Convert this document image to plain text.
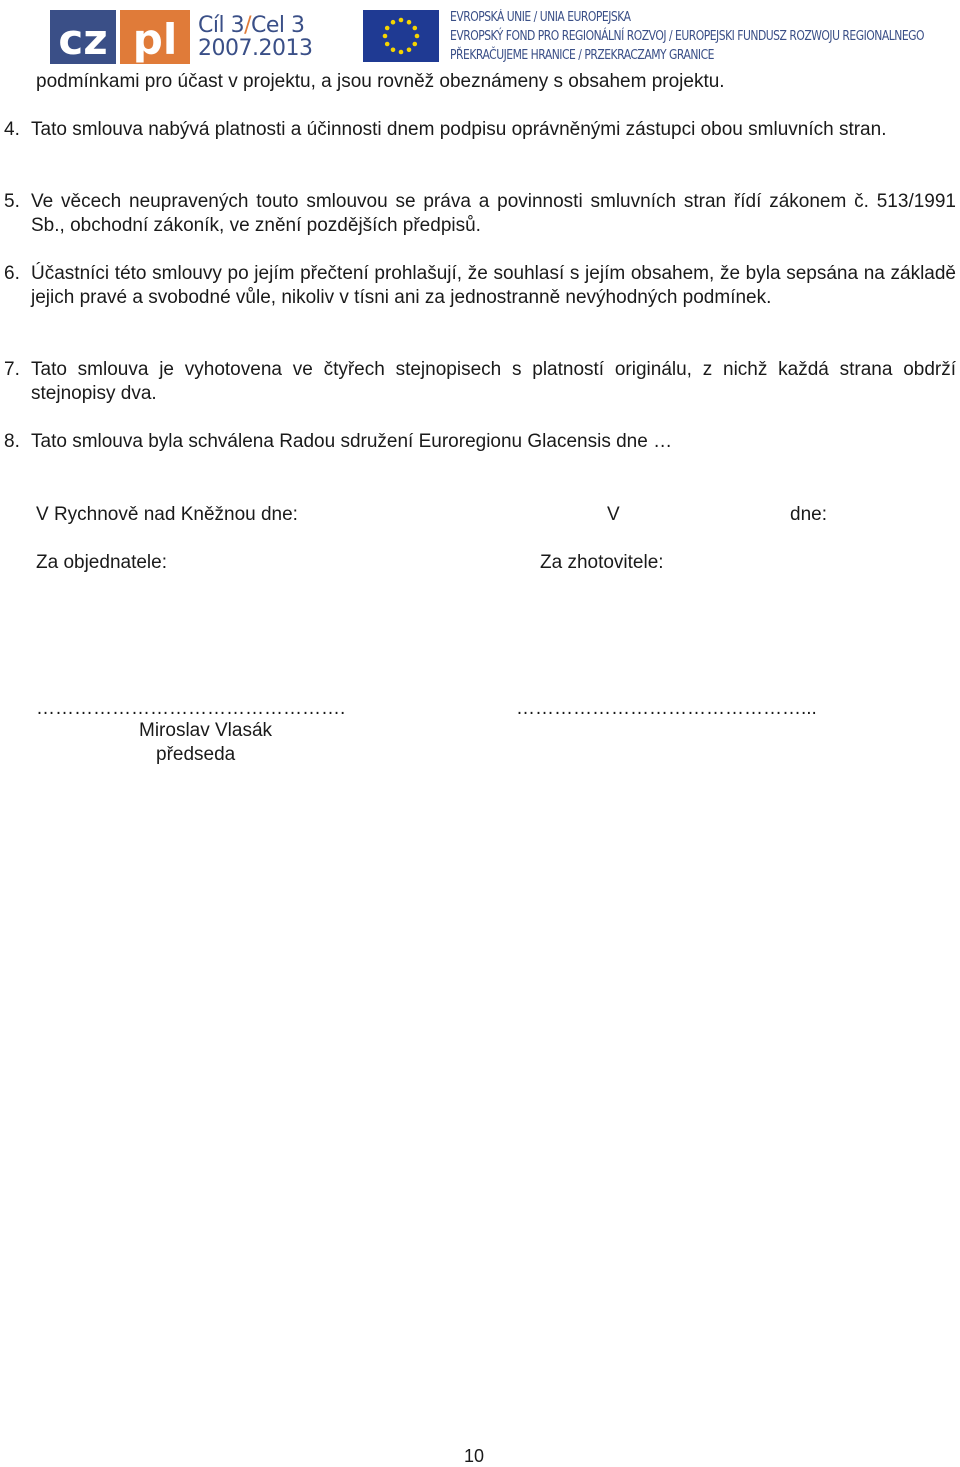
cz pl Cíl 3/Cel 3
2007.2013
EVROPSKÁ UNIE / UNIA EUROPEJSKA
EVROPSKÝ FOND PRO REGIONÁLNÍ ROZVOJ / EUROPEJSKI FUNDUSZ ROZWOJU REGIONALNEGO
PŘEKRAČUJEME HRANICE / PRZEKRACZAMY GRANICE
podmínkami pro účast v projektu, a jsou rovněž obeznámeny s obsahem projektu.
4. Tato smlouva nabývá platnosti a účinnosti dnem podpisu oprávněnými zástupci obou smluvních stran.
5. Ve věcech neupravených touto smlouvou se práva a povinnosti smluvních stran řídí zákonem č. 513/1991 Sb., obchodní zákoník, ve znění pozdějších předpisů.
6. Účastníci této smlouvy po jejím přečtení prohlašují, že souhlasí s jejím obsahem, že byla sepsána na základě jejich pravé a svobodné vůle, nikoliv v tísni ani za jednostranně nevýhodných podmínek.
7. Tato smlouva je vyhotovena ve čtyřech stejnopisech s platností originálu, z nichž každá strana obdrží stejnopisy dva.
8. Tato smlouva byla schválena Radou sdružení Euroregionu Glacensis dne …
V Rychnově nad Kněžnou dne:	V	dne:
Za objednatele:	Za zhotovitele:
………………………………………….	………………………………………...
Miroslav Vlasák
předseda
10
